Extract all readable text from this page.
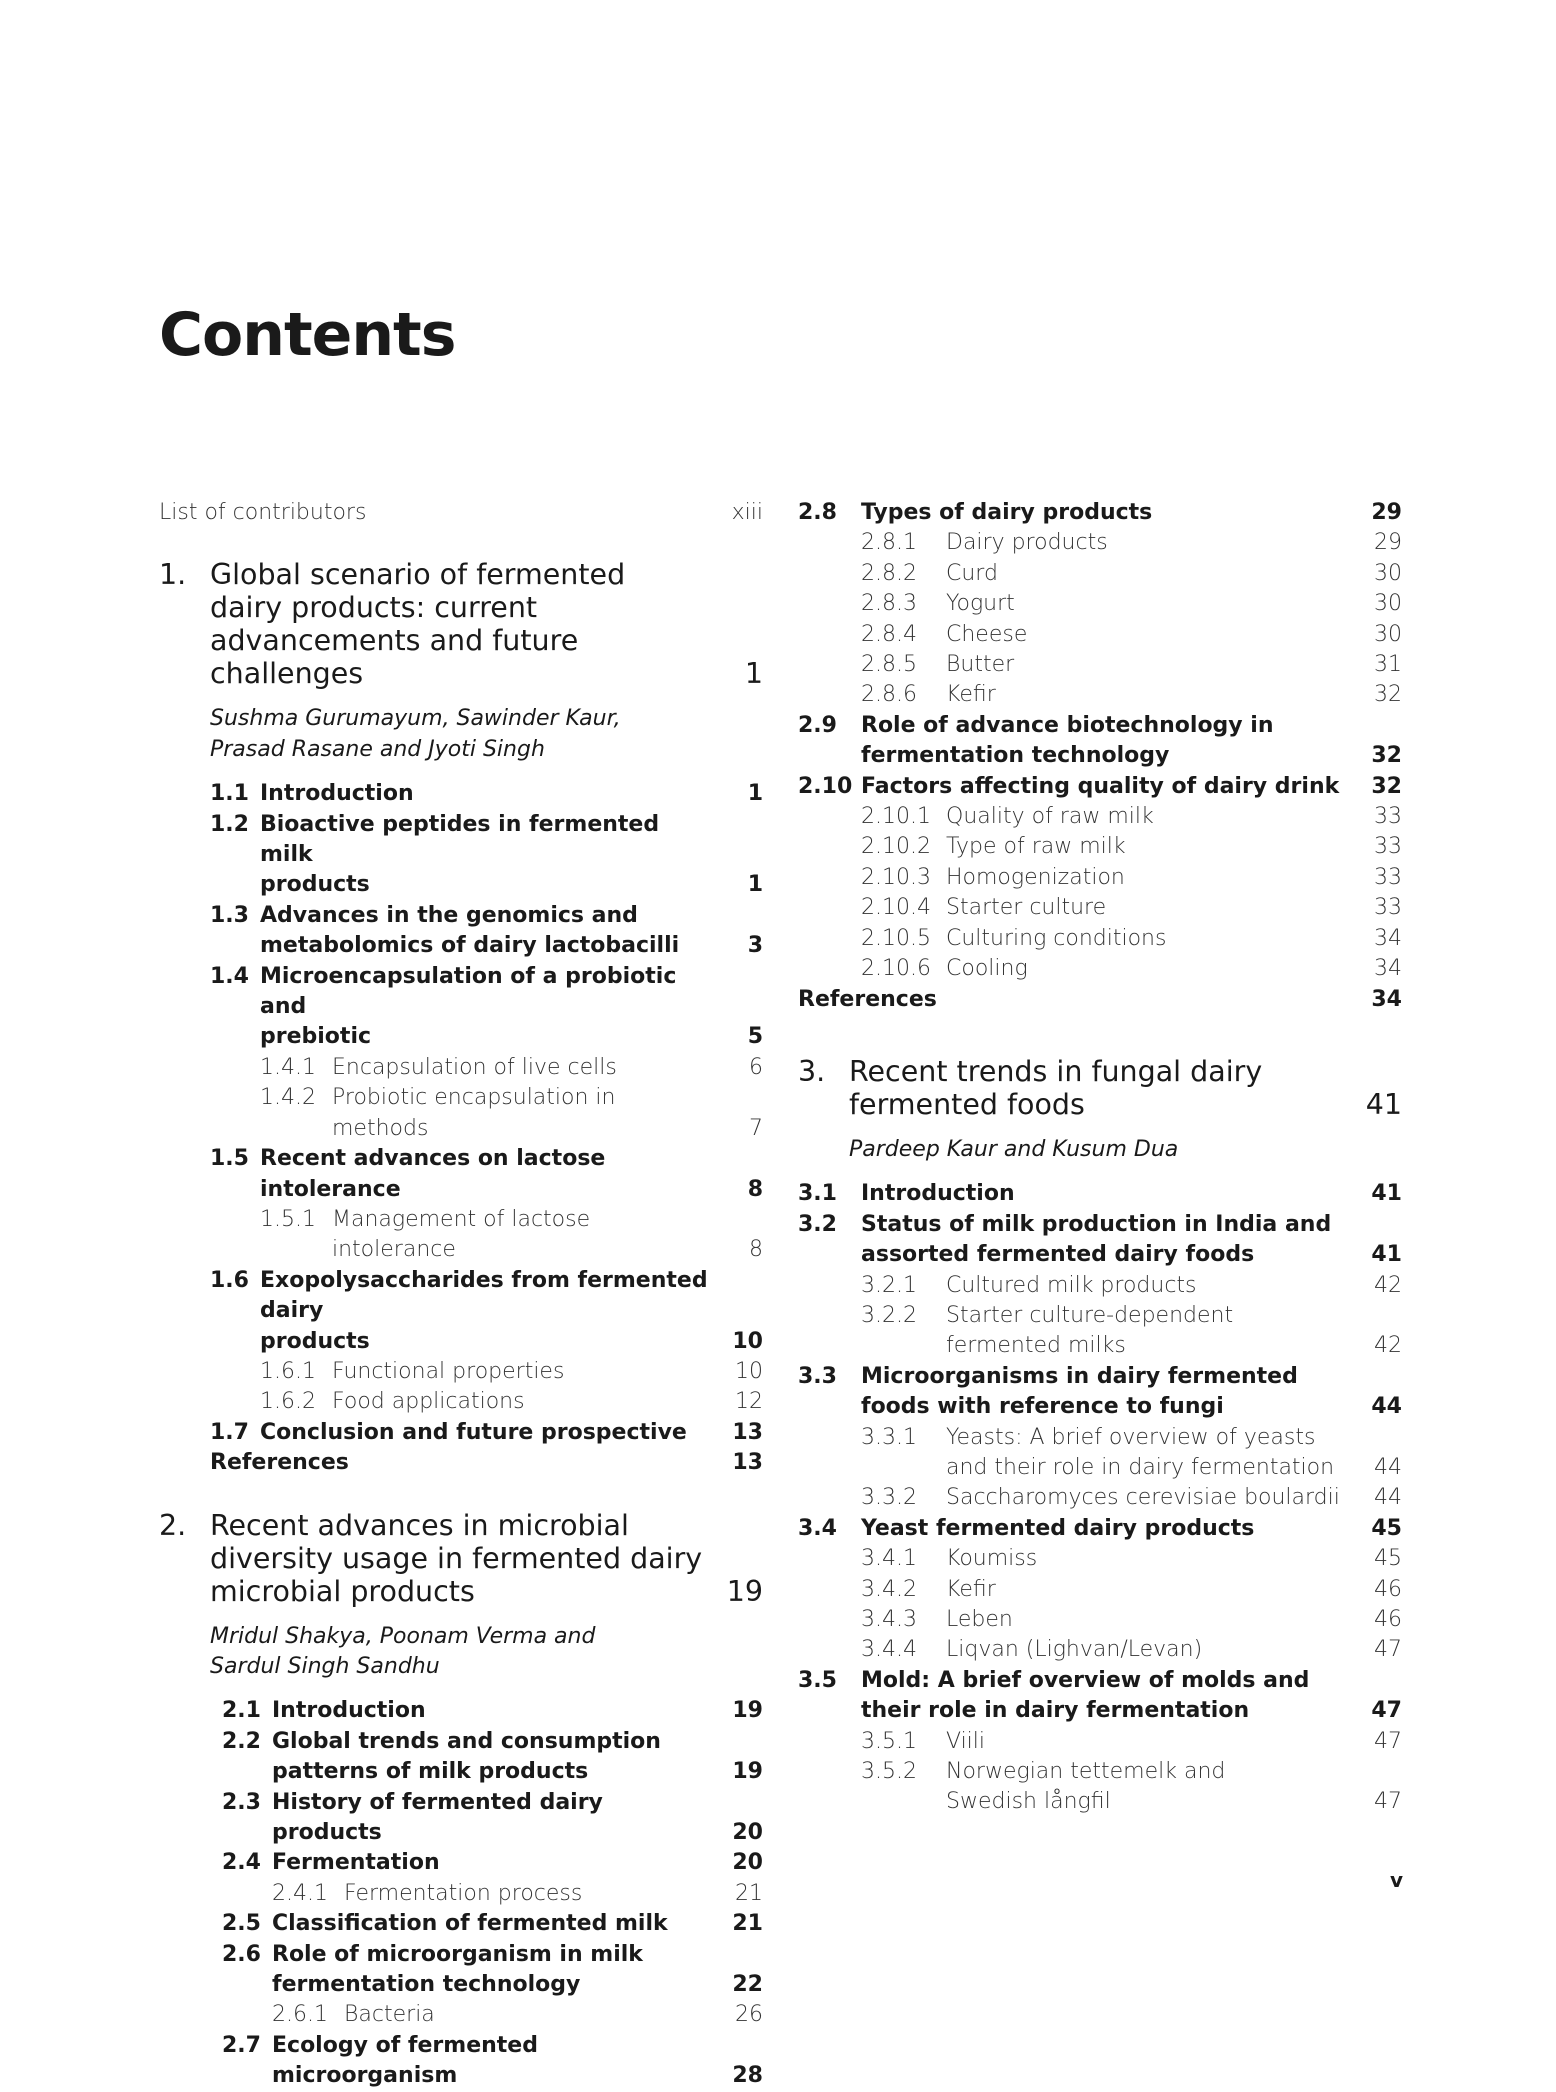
Contents
List of contributors	xiii
1. Global scenario of fermented dairy products: current advancements and future challenges	1
Sushma Gurumayum, Sawinder Kaur,
Prasad Rasane and Jyoti Singh
1.1 Introduction	1
1.2 Bioactive peptides in fermented milk
products	1
1.3 Advances in the genomics and
metabolomics of dairy lactobacilli	3
1.4 Microencapsulation of a probiotic and
prebiotic	5
1.4.1 Encapsulation of live cells	6
1.4.2 Probiotic encapsulation in methods	7
1.5 Recent advances on lactose intolerance	8
1.5.1 Management of lactose intolerance	8
1.6 Exopolysaccharides from fermented dairy
products	10
1.6.1 Functional properties	10
1.6.2 Food applications	12
1.7 Conclusion and future prospective	13
References	13
2. Recent advances in microbial diversity usage in fermented dairy microbial products	19
Mridul Shakya, Poonam Verma and
Sardul Singh Sandhu
2.1 Introduction	19
2.2 Global trends and consumption
patterns of milk products	19
2.3 History of fermented dairy products	20
2.4 Fermentation	20
2.4.1 Fermentation process	21
2.5 Classification of fermented milk	21
2.6 Role of microorganism in milk
fermentation technology	22
2.6.1 Bacteria	26
2.7 Ecology of fermented microorganism	28
2.8	Types of dairy products	29
2.8.1	Dairy products	29
2.8.2	Curd	30
2.8.3	Yogurt	30
2.8.4	Cheese	30
2.8.5	Butter	31
2.8.6	Kefir	32
2.9	Role of advance biotechnology in
fermentation technology	32
2.10 Factors affecting quality of dairy drink	32
2.10.1 Quality of raw milk	33
2.10.2 Type of raw milk	33
2.10.3 Homogenization	33
2.10.4 Starter culture	33
2.10.5 Culturing conditions	34
2.10.6 Cooling	34
References	34
3. Recent trends in fungal dairy fermented foods	41
Pardeep Kaur and Kusum Dua
3.1	Introduction	41
3.2	Status of milk production in India and
assorted fermented dairy foods	41
3.2.1	Cultured milk products	42
3.2.2	Starter culture-dependent
fermented milks	42
3.3	Microorganisms in dairy fermented
foods with reference to fungi	44
3.3.1	Yeasts: A brief overview of yeasts
and their role in dairy fermentation	44
3.3.2	Saccharomyces cerevisiae boulardii	44
3.4	Yeast fermented dairy products	45
3.4.1	Koumiss	45
3.4.2	Kefir	46
3.4.3	Leben	46
3.4.4	Liqvan (Lighvan/Levan)	47
3.5	Mold: A brief overview of molds and
their role in dairy fermentation	47
3.5.1	Viili	47
3.5.2	Norwegian tettemelk and
Swedish långfil	47
v
